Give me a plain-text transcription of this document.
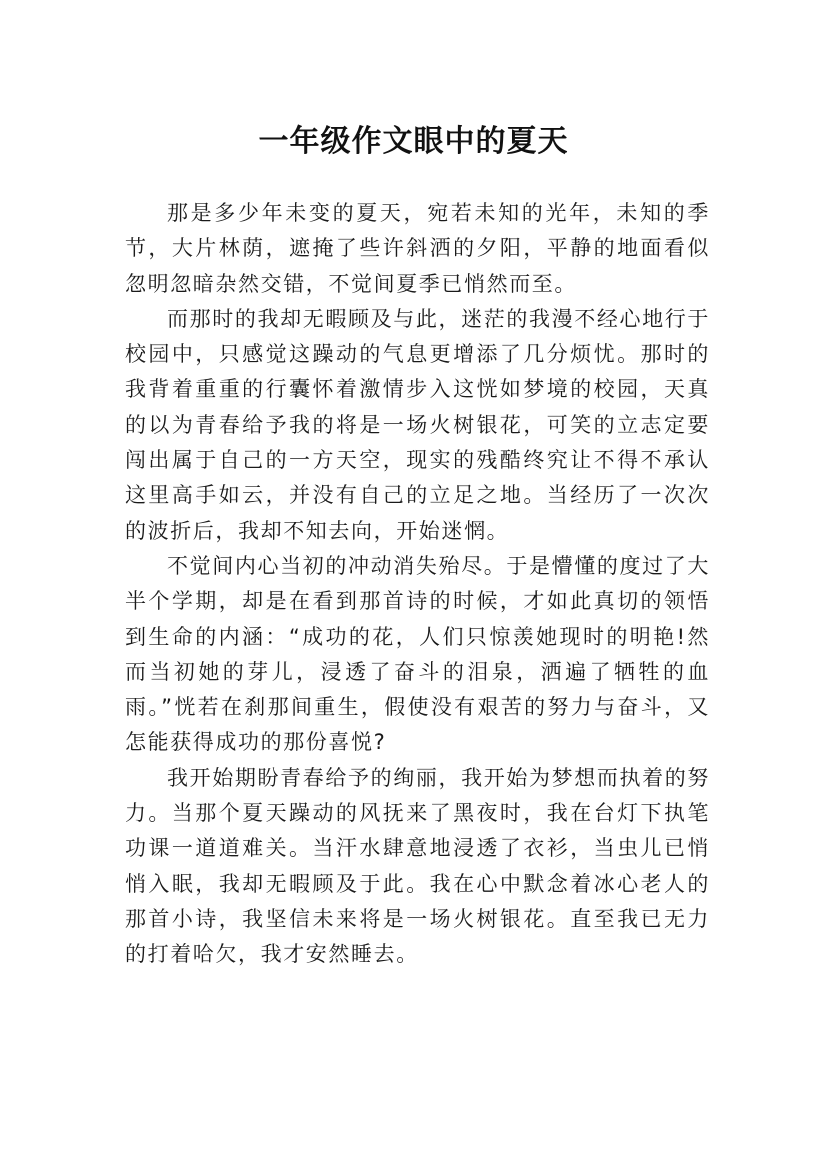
一年级作文眼中的夏天

那是多少年未变的夏天，宛若未知的光年，未知的季节，大片林荫，遮掩了些许斜洒的夕阳，平静的地面看似忽明忽暗杂然交错，不觉间夏季已悄然而至。

而那时的我却无暇顾及与此，迷茫的我漫不经心地行于校园中，只感觉这躁动的气息更增添了几分烦忧。那时的我背着重重的行囊怀着激情步入这恍如梦境的校园，天真的以为青春给予我的将是一场火树银花，可笑的立志定要闯出属于自己的一方天空，现实的残酷终究让不得不承认这里高手如云，并没有自己的立足之地。当经历了一次次的波折后，我却不知去向，开始迷惘。

不觉间内心当初的冲动消失殆尽。于是懵懂的度过了大半个学期，却是在看到那首诗的时候，才如此真切的领悟到生命的内涵：“成功的花，人们只惊羡她现时的明艳!然而当初她的芽儿，浸透了奋斗的泪泉，洒遍了牺牲的血雨。”恍若在刹那间重生，假使没有艰苦的努力与奋斗，又怎能获得成功的那份喜悦?

我开始期盼青春给予的绚丽，我开始为梦想而执着的努力。当那个夏天躁动的风抚来了黑夜时，我在台灯下执笔功课一道道难关。当汗水肆意地浸透了衣衫，当虫儿已悄悄入眠，我却无暇顾及于此。我在心中默念着冰心老人的那首小诗，我坚信未来将是一场火树银花。直至我已无力的打着哈欠，我才安然睡去。
